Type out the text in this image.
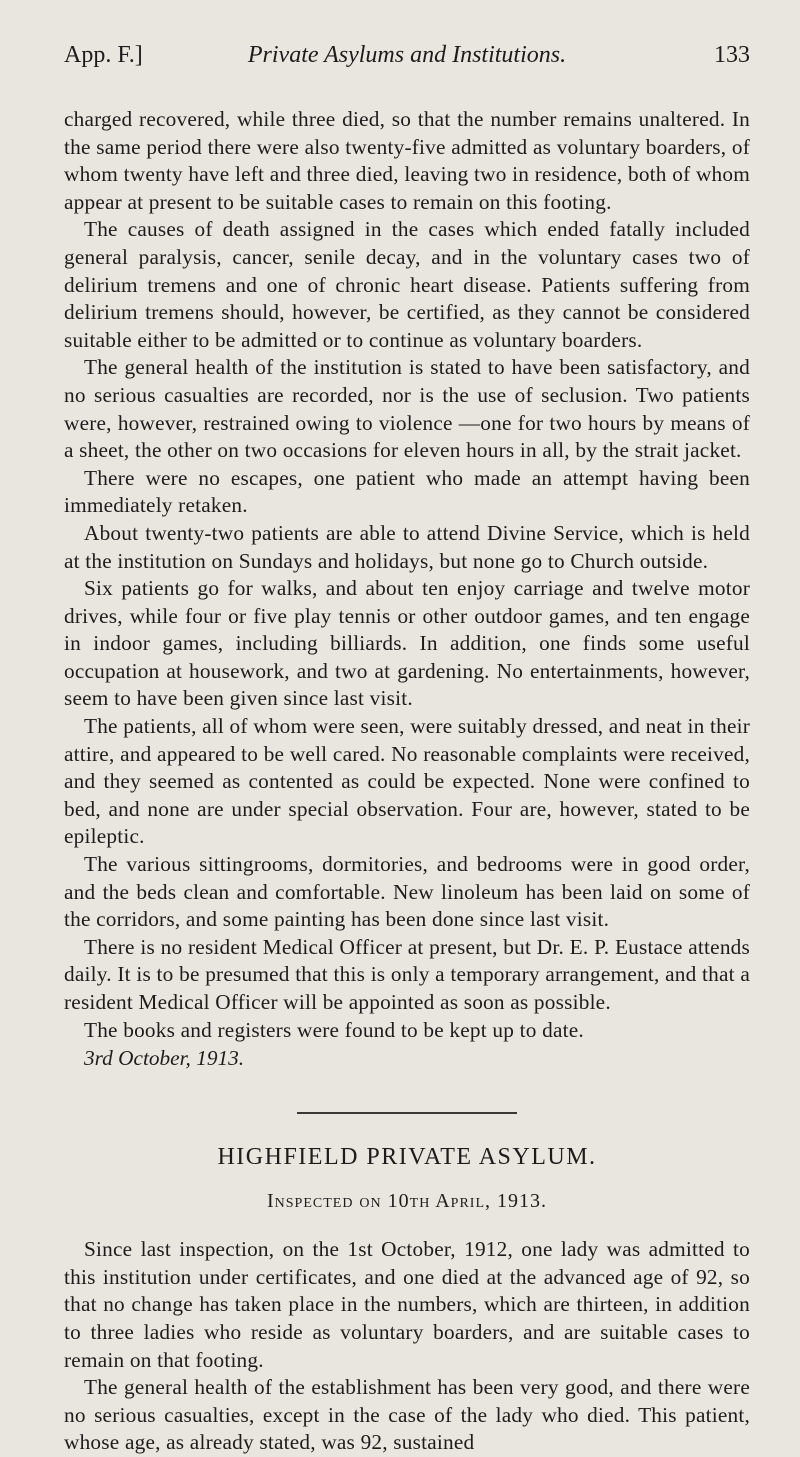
App. F.]	Private Asylums and Institutions.	133

charged recovered, while three died, so that the number remains unaltered. In the same period there were also twenty-five admitted as voluntary boarders, of whom twenty have left and three died, leaving two in residence, both of whom appear at present to be suitable cases to remain on this footing.

The causes of death assigned in the cases which ended fatally included general paralysis, cancer, senile decay, and in the voluntary cases two of delirium tremens and one of chronic heart disease. Patients suffering from delirium tremens should, however, be certified, as they cannot be considered suitable either to be admitted or to continue as voluntary boarders.

The general health of the institution is stated to have been satisfactory, and no serious casualties are recorded, nor is the use of seclusion. Two patients were, however, restrained owing to violence —one for two hours by means of a sheet, the other on two occasions for eleven hours in all, by the strait jacket.

There were no escapes, one patient who made an attempt having been immediately retaken.

About twenty-two patients are able to attend Divine Service, which is held at the institution on Sundays and holidays, but none go to Church outside.

Six patients go for walks, and about ten enjoy carriage and twelve motor drives, while four or five play tennis or other outdoor games, and ten engage in indoor games, including billiards. In addition, one finds some useful occupation at housework, and two at gardening. No entertainments, however, seem to have been given since last visit.

The patients, all of whom were seen, were suitably dressed, and neat in their attire, and appeared to be well cared. No reasonable complaints were received, and they seemed as contented as could be expected. None were confined to bed, and none are under special observation. Four are, however, stated to be epileptic.

The various sittingrooms, dormitories, and bedrooms were in good order, and the beds clean and comfortable. New linoleum has been laid on some of the corridors, and some painting has been done since last visit.

There is no resident Medical Officer at present, but Dr. E. P. Eustace attends daily. It is to be presumed that this is only a temporary arrangement, and that a resident Medical Officer will be appointed as soon as possible.

The books and registers were found to be kept up to date.

3rd October, 1913.
HIGHFIELD PRIVATE ASYLUM.
Inspected on 10th April, 1913.

Since last inspection, on the 1st October, 1912, one lady was admitted to this institution under certificates, and one died at the advanced age of 92, so that no change has taken place in the numbers, which are thirteen, in addition to three ladies who reside as voluntary boarders, and are suitable cases to remain on that footing.

The general health of the establishment has been very good, and there were no serious casualties, except in the case of the lady who died. This patient, whose age, as already stated, was 92, sustained
